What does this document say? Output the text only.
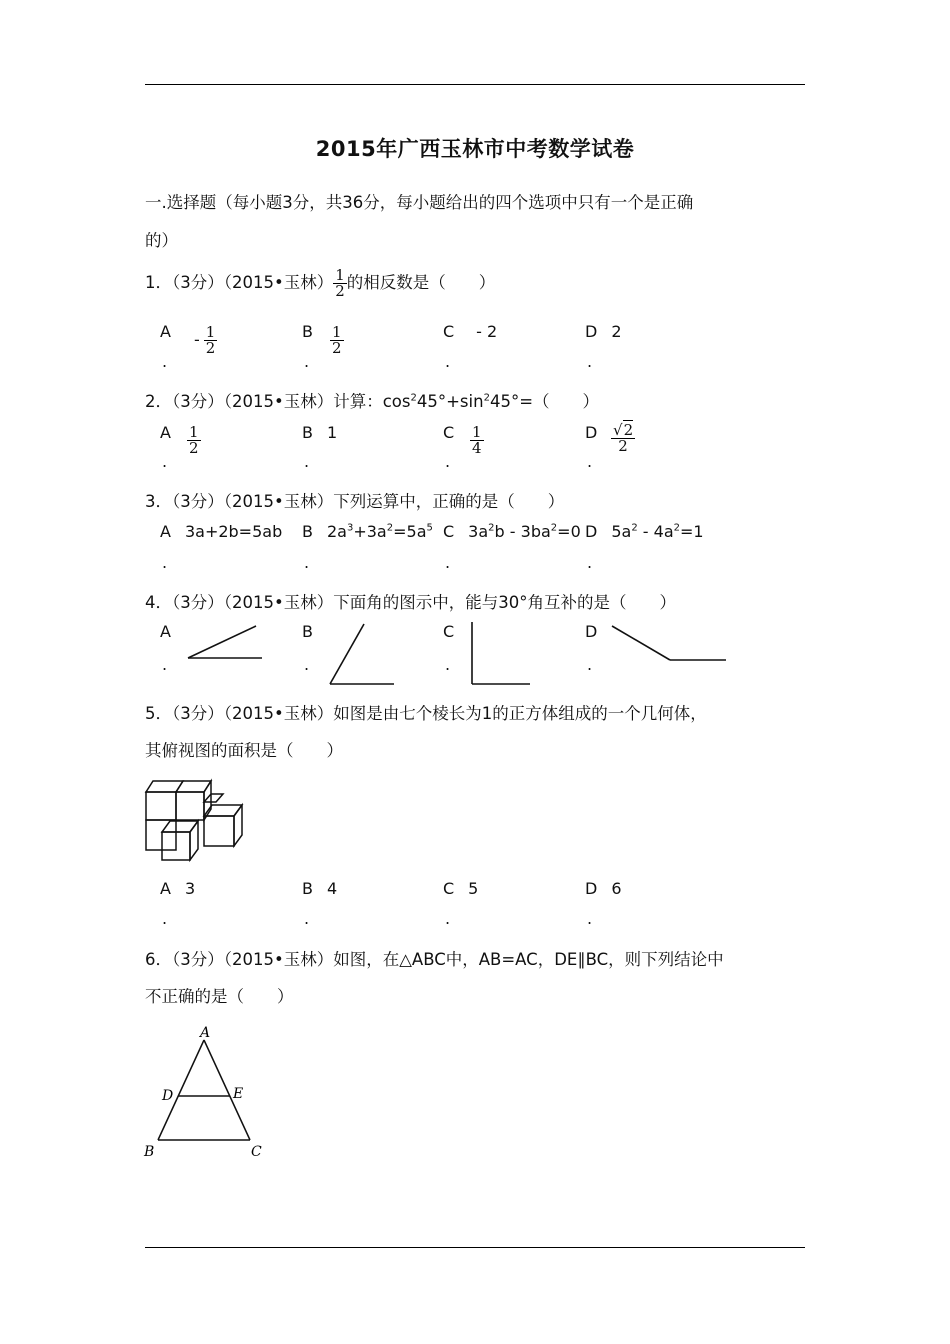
2015年广西玉林市中考数学试卷
一.选择题（每小题3分，共36分，每小题给出的四个选项中只有一个是正确
的）
1．（3分）（2015•玉林） $\frac{1}{2}$ 的相反数是（　　）
A - $\frac{1}{2}$	B $\frac{1}{2}$	C - 2	D 2
.	.	.	.
2．（3分）（2015•玉林）计算：$\cos^245^\circ+\sin^245^\circ=$（　　）
A $\frac{1}{2}$	B 1	C $\frac{1}{4}$	D $\frac{√2}{2}$
.	.	.	.
3．（3分）（2015•玉林）下列运算中，正确的是（　　）
A 3a+2b=5ab B $2a^3+3a^2=5a^5$ C $3a^2b - 3ba^2=0$ D $5a^2 - 4a^2=1$
.	.	.	.
4．（3分）（2015•玉林）下面角的图示中，能与30°角互补的是（　　）
A	B	C	D
.	.	.	.
5．（3分）（2015•玉林）如图是由七个棱长为1的正方体组成的一个几何体，
其俯视图的面积是（　　）
A 3	B 4	C 5	D 6
.	.	.	.
6．（3分）（2015•玉林）如图，在△ABC中，AB=AC，DE∥BC，则下列结论中
不正确的是（　　）
A
D	E
B	C
